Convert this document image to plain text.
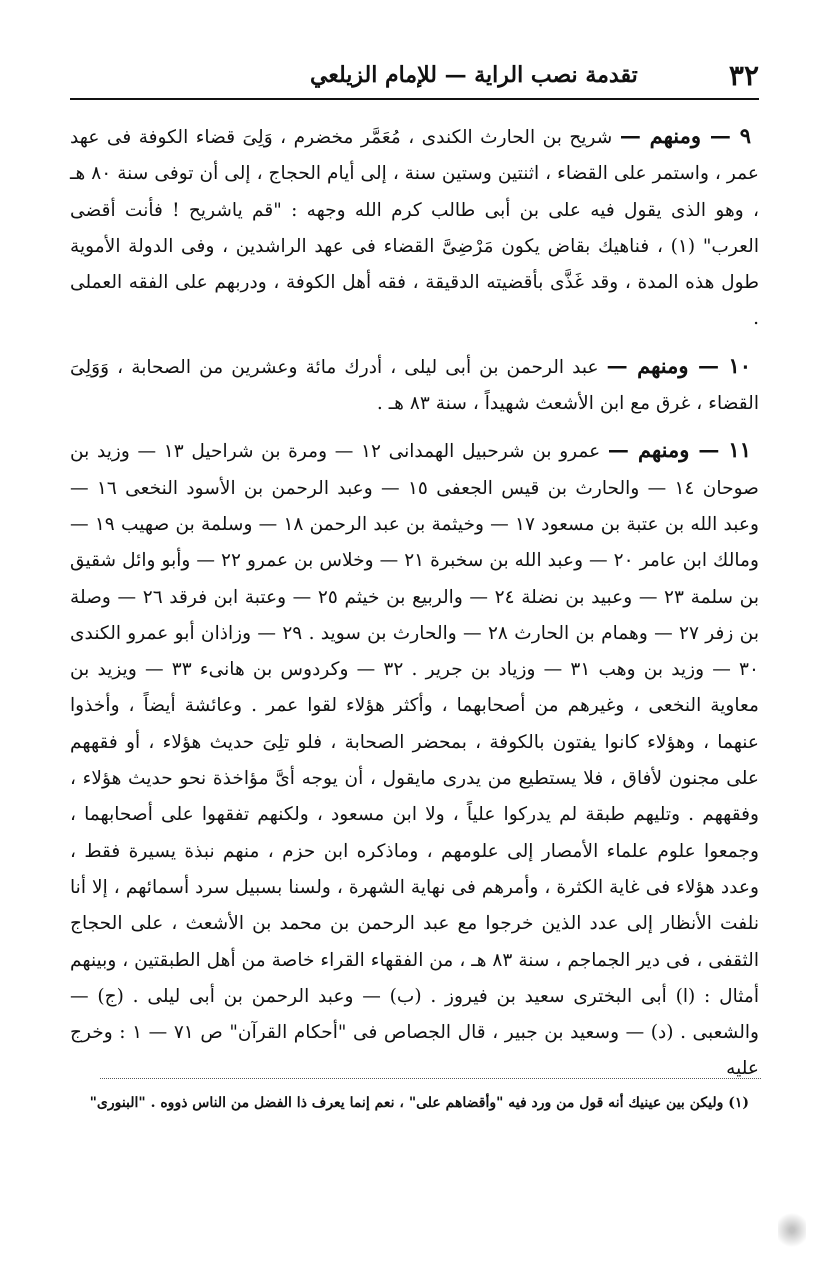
٣٢
تقدمة نصب الراية — للإمام الزيلعي

٩ — ومنهم — شريح بن الحارث الكندى ، مُعَمَّر مخضرم ، وَلِىَ قضاء الكوفة فى عهد عمر ، واستمر على القضاء ، اثنتين وستين سنة ، إلى أيام الحجاج ، إلى أن توفى سنة ٨٠ هـ ، وهو الذى يقول فيه على بن أبى طالب كرم الله وجهه : "قم ياشريح ! فأنت أقضى العرب" (١) ، فناهيك بقاض يكون مَرْضِىَّ القضاء فى عهد الراشدين ، وفى الدولة الأموية طول هذه المدة ، وقد غَذَّى بأقضيته الدقيقة ، فقه أهل الكوفة ، ودربهم على الفقه العملى .

١٠ — ومنهم — عبد الرحمن بن أبى ليلى ، أدرك مائة وعشرين من الصحابة ، وَوَلِىَ القضاء ، غرق مع ابن الأشعث شهيداً ، سنة ٨٣ هـ .

١١ — ومنهم — عمرو بن شرحبيل الهمدانى ١٢ — ومرة بن شراحيل ١٣ — وزيد بن صوحان ١٤ — والحارث بن قيس الجعفى ١٥ — وعبد الرحمن بن الأسود النخعى ١٦ — وعبد الله بن عتبة بن مسعود ١٧ — وخيثمة بن عبد الرحمن ١٨ — وسلمة بن صهيب ١٩ — ومالك ابن عامر ٢٠ — وعبد الله بن سخبرة ٢١ — وخلاس بن عمرو ٢٢ — وأبو وائل شقيق بن سلمة ٢٣ — وعبيد بن نضلة ٢٤ — والربيع بن خيثم ٢٥ — وعتبة ابن فرقد ٢٦ — وصلة بن زفر ٢٧ — وهمام بن الحارث ٢٨ — والحارث بن سويد . ٢٩ — وزاذان أبو عمرو الكندى ٣٠ — وزيد بن وهب ٣١ — وزياد بن جرير . ٣٢ — وكردوس بن هانىء ٣٣ — ويزيد بن معاوية النخعى ، وغيرهم من أصحابهما ، وأكثر هؤلاء لقوا عمر . وعائشة أيضاً ، وأخذوا عنهما ، وهؤلاء كانوا يفتون بالكوفة ، بمحضر الصحابة ، فلو تلِىَ حديث هؤلاء ، أو فقههم على مجنون لأفاق ، فلا يستطيع من يدرى مايقول ، أن يوجه أىَّ مؤاخذة نحو حديث هؤلاء ، وفقههم . وتليهم طبقة لم يدركوا علياً ، ولا ابن مسعود ، ولكنهم تفقهوا على أصحابهما ، وجمعوا علوم علماء الأمصار إلى علومهم ، وماذكره ابن حزم ، منهم نبذة يسيرة فقط ، وعدد هؤلاء فى غاية الكثرة ، وأمرهم فى نهاية الشهرة ، ولسنا بسبيل سرد أسمائهم ، إلا أنا نلفت الأنظار إلى عدد الذين خرجوا مع عبد الرحمن بن محمد بن الأشعث ، على الحجاج الثقفى ، فى دير الجماجم ، سنة ٨٣ هـ ، من الفقهاء القراء خاصة من أهل الطبقتين ، وبينهم أمثال : (ا) أبى البخترى سعيد بن فيروز . (ب) — وعبد الرحمن بن أبى ليلى . (ج) — والشعبى . (د) — وسعيد بن جبير ، قال الجصاص فى "أحكام القرآن" ص ٧١ — ١ : وخرج عليه

(١) وليكن بين عينيك أنه قول من ورد فيه "وأقضاهم على" ، نعم إنما يعرف ذا الفضل من الناس ذووه . "البنورى"
